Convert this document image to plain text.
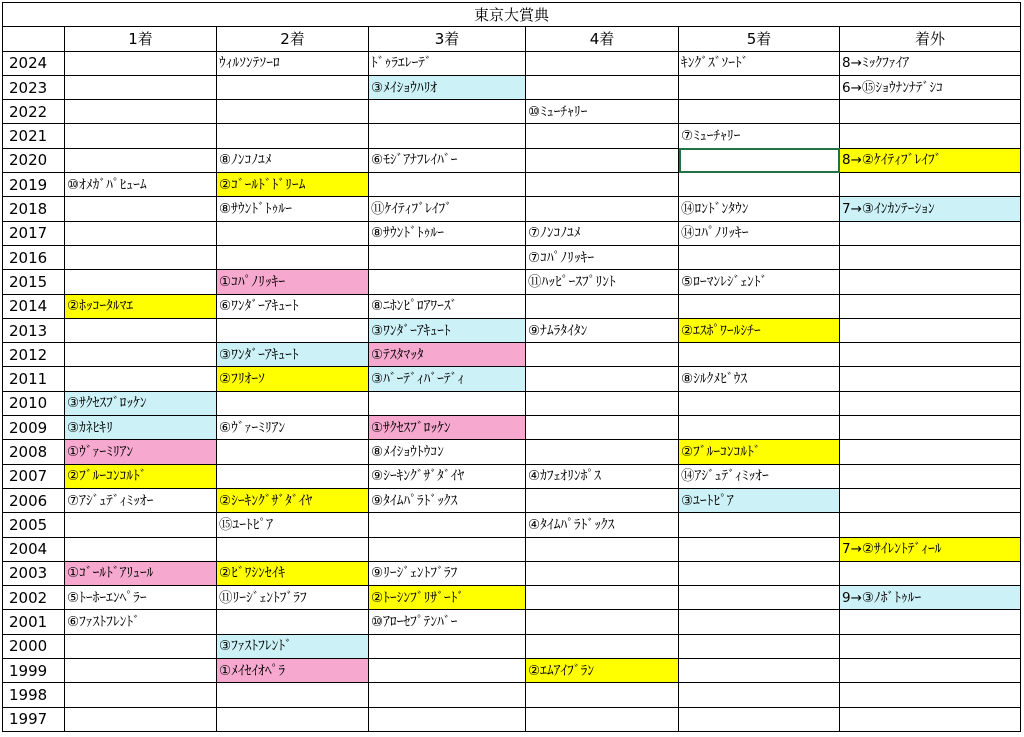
東京大賞典						
	1着	2着	3着	4着	5着	着外
2024		ｳｨﾙｿﾝﾃｿｰﾛ	ﾄﾞｩﾗｴﾚｰﾃﾞ		ｷﾝｸﾞｽﾞｿｰﾄﾞ	8→ﾐｯｸﾌｧｲｱ
2023			③ﾒｲｼｮｳﾊﾘｵ			6→⑮ｼｮｳﾅﾝﾅﾃﾞｼｺ
2022				⑩ﾐｭｰﾁｬﾘｰ		
2021					⑦ﾐｭｰﾁｬﾘｰ	
2020		⑧ﾉﾝｺﾉﾕﾒ	⑥ﾓｼﾞｱﾅﾌﾚｲﾊﾞｰ			8→②ｹｲﾃｨﾌﾞﾚｲﾌﾞ
2019	⑩ｵﾒｶﾞﾊﾟﾋｭｰﾑ	②ｺﾞｰﾙﾄﾞﾄﾞﾘｰﾑ				
2018		⑧ｻｳﾝﾄﾞﾄｩﾙｰ	⑪ｹｲﾃｨﾌﾞﾚｲﾌﾞ		⑭ﾛﾝﾄﾞﾝﾀｳﾝ	7→③ｲﾝｶﾝﾃｰｼｮﾝ
2017			⑧ｻｳﾝﾄﾞﾄｩﾙｰ	⑦ﾉﾝｺﾉﾕﾒ	⑭ｺﾊﾟﾉﾘｯｷｰ	
2016				⑦ｺﾊﾟﾉﾘｯｷｰ		
2015		①ｺﾊﾟﾉﾘｯｷｰ		⑪ﾊｯﾋﾟｰｽﾌﾟﾘﾝﾄ	⑤ﾛｰﾏﾝﾚｼﾞｪﾝﾄﾞ	
2014	②ﾎｯｺｰﾀﾙﾏｴ	⑥ﾜﾝﾀﾞｰｱｷｭｰﾄ	⑧ﾆﾎﾝﾋﾟﾛｱﾜｰｽﾞ			
2013			③ﾜﾝﾀﾞｰｱｷｭｰﾄ	⑨ﾅﾑﾗﾀｲﾀﾝ	②ｴｽﾎﾟﾜｰﾙｼﾁｰ	
2012		③ﾜﾝﾀﾞｰｱｷｭｰﾄ	①ﾃｽﾀﾏｯﾀ			
2011		②ﾌﾘｵｰｿ	③ﾊﾞｰﾃﾞｨﾊﾞｰﾃﾞｨ		⑧ｼﾙｸﾒﾋﾞｳｽ	
2010	③ｻｸｾｽﾌﾞﾛｯｹﾝ					
2009	③ｶﾈﾋｷﾘ	⑥ｳﾞｧｰﾐﾘｱﾝ	①ｻｸｾｽﾌﾞﾛｯｹﾝ			
2008	①ｳﾞｧｰﾐﾘｱﾝ		⑧ﾒｲｼｮｳﾄｳｺﾝ		②ﾌﾞﾙｰｺﾝｺﾙﾄﾞ	
2007	②ﾌﾞﾙｰｺﾝｺﾙﾄﾞ		⑨ｼｰｷﾝｸﾞｻﾞﾀﾞｲﾔ	④ｶﾌｪｵﾘﾝﾎﾟｽ	⑭ｱｼﾞｭﾃﾞｨﾐｯｵｰ	
2006	⑦ｱｼﾞｭﾃﾞｨﾐｯｵｰ	②ｼｰｷﾝｸﾞｻﾞﾀﾞｲﾔ	⑨ﾀｲﾑﾊﾟﾗﾄﾞｯｸｽ		③ﾕｰﾄﾋﾟｱ	
2005		⑮ﾕｰﾄﾋﾟｱ		④ﾀｲﾑﾊﾟﾗﾄﾞｯｸｽ		
2004						7→②ｻｲﾚﾝﾄﾃﾞｨｰﾙ
2003	①ｺﾞｰﾙﾄﾞｱﾘｭｰﾙ	②ﾋﾞﾜｼﾝｾｲｷ	⑨ﾘｰｼﾞｪﾝﾄﾌﾞﾗﾌ			
2002	⑤ﾄｰﾎｰｴﾝﾍﾟﾗｰ	⑪ﾘｰｼﾞｪﾝﾄﾌﾞﾗﾌ	②ﾄｰｼﾝﾌﾞﾘｻﾞｰﾄﾞ			9→③ﾉﾎﾞﾄｩﾙｰ
2001	⑥ﾌｧｽﾄﾌﾚﾝﾄﾞ		⑩ｱﾛｰｾﾌﾟﾃﾝﾊﾞｰ			
2000		③ﾌｧｽﾄﾌﾚﾝﾄﾞ				
1999		①ﾒｲｾｲｵﾍﾟﾗ		②ｴﾑｱｲﾌﾞﾗﾝ		
1998						
1997						
